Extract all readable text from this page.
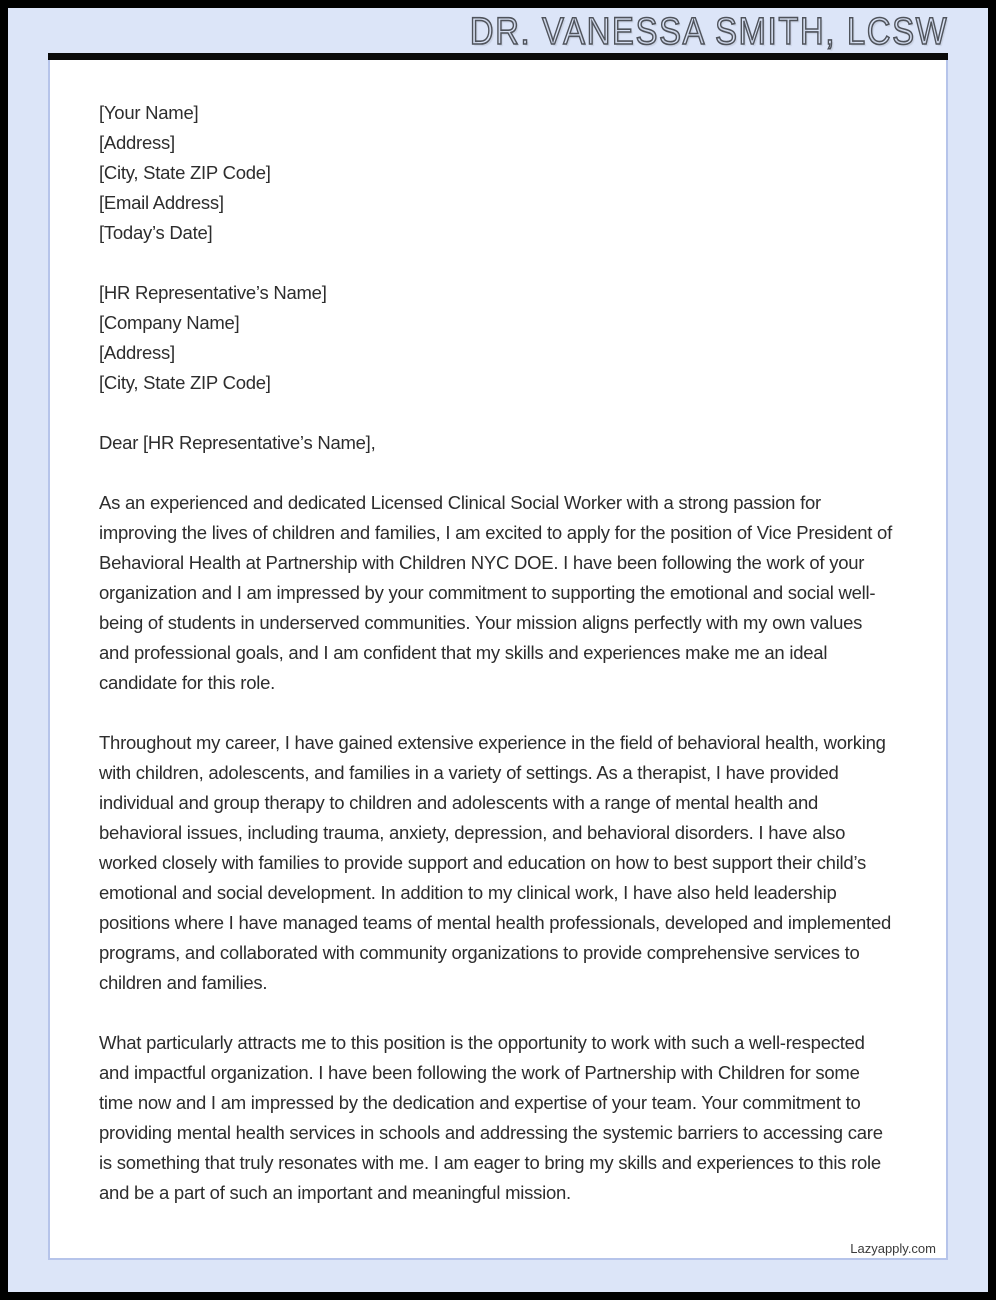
DR. VANESSA SMITH, LCSW
[Your Name]
[Address]
[City, State ZIP Code]
[Email Address]
[Today’s Date]
[HR Representative’s Name]
[Company Name]
[Address]
[City, State ZIP Code]
Dear [HR Representative’s Name],

As an experienced and dedicated Licensed Clinical Social Worker with a strong passion for improving the lives of children and families, I am excited to apply for the position of Vice President of Behavioral Health at Partnership with Children NYC DOE. I have been following the work of your organization and I am impressed by your commitment to supporting the emotional and social well-being of students in underserved communities. Your mission aligns perfectly with my own values and professional goals, and I am confident that my skills and experiences make me an ideal candidate for this role.

Throughout my career, I have gained extensive experience in the field of behavioral health, working with children, adolescents, and families in a variety of settings. As a therapist, I have provided individual and group therapy to children and adolescents with a range of mental health and behavioral issues, including trauma, anxiety, depression, and behavioral disorders. I have also worked closely with families to provide support and education on how to best support their child’s emotional and social development. In addition to my clinical work, I have also held leadership positions where I have managed teams of mental health professionals, developed and implemented programs, and collaborated with community organizations to provide comprehensive services to children and families.

What particularly attracts me to this position is the opportunity to work with such a well-respected and impactful organization. I have been following the work of Partnership with Children for some time now and I am impressed by the dedication and expertise of your team. Your commitment to providing mental health services in schools and addressing the systemic barriers to accessing care is something that truly resonates with me. I am eager to bring my skills and experiences to this role and be a part of such an important and meaningful mission.

Lazyapply.com
